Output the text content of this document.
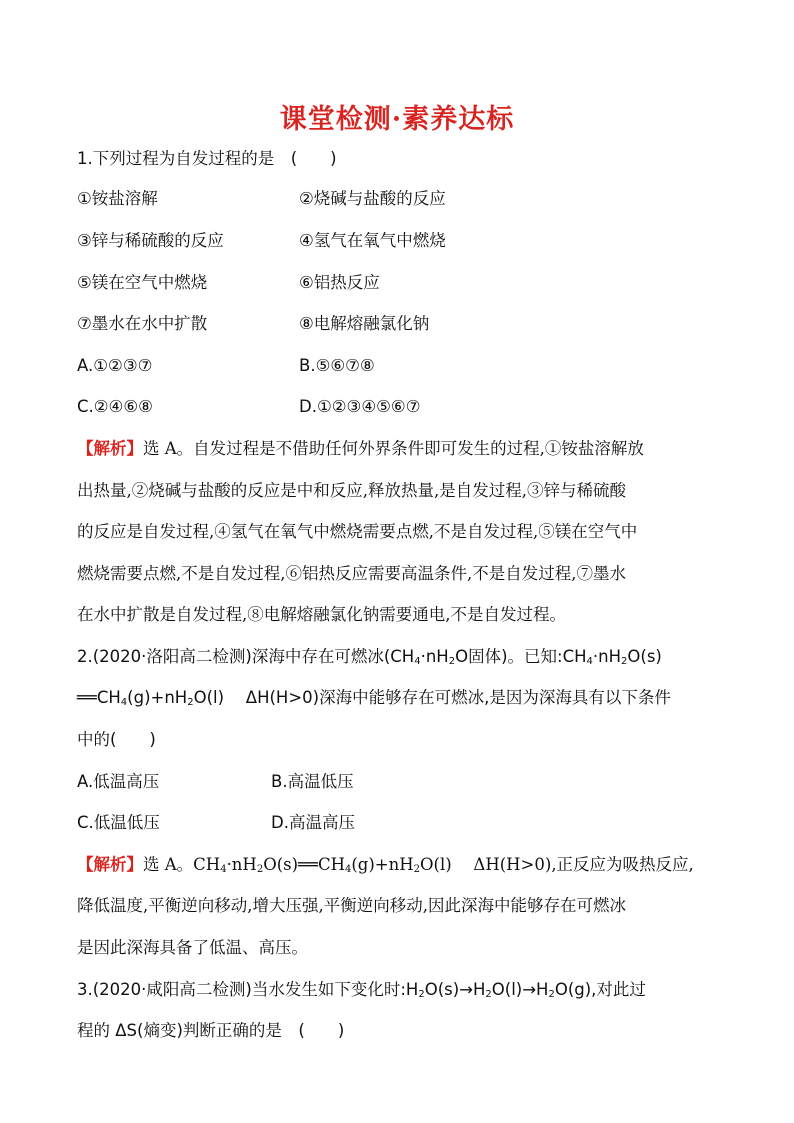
课堂检测·素养达标
1.下列过程为自发过程的是　(　　)
①铵盐溶解	②烧碱与盐酸的反应
③锌与稀硫酸的反应	④氢气在氧气中燃烧
⑤镁在空气中燃烧	⑥铝热反应
⑦墨水在水中扩散	⑧电解熔融氯化钠
A.①②③⑦	B.⑤⑥⑦⑧
C.②④⑥⑧	D.①②③④⑤⑥⑦
【解析】选 A。自发过程是不借助任何外界条件即可发生的过程,①铵盐溶解放
出热量,②烧碱与盐酸的反应是中和反应,释放热量,是自发过程,③锌与稀硫酸
的反应是自发过程,④氢气在氧气中燃烧需要点燃,不是自发过程,⑤镁在空气中
燃烧需要点燃,不是自发过程,⑥铝热反应需要高温条件,不是自发过程,⑦墨水
在水中扩散是自发过程,⑧电解熔融氯化钠需要通电,不是自发过程。
2.(2020·洛阳高二检测)深海中存在可燃冰($CH_4\cdot nH_2O$固体)。已知$:CH_4\cdot nH_2O(s)$
$══CH_4(g)+nH_2O(l)$　 ΔH(H>0)深海中能够存在可燃冰,是因为深海具有以下条件
中的(　　)
A.低温高压	B.高温低压
C.低温低压	D.高温高压
【解析】选 A。$CH_4\cdot nH_2O(s)══CH_4(g)+nH_2O(l)$　 ΔH(H>0),正反应为吸热反应,
降低温度,平衡逆向移动,增大压强,平衡逆向移动,因此深海中能够存在可燃冰
是因此深海具备了低温、高压。
3.(2020·咸阳高二检测)当水发生如下变化时$:H_2O(s)\to H_2O(l)\to H_2O(g)$,对此过
程的 ΔS(熵变)判断正确的是　(　　)
